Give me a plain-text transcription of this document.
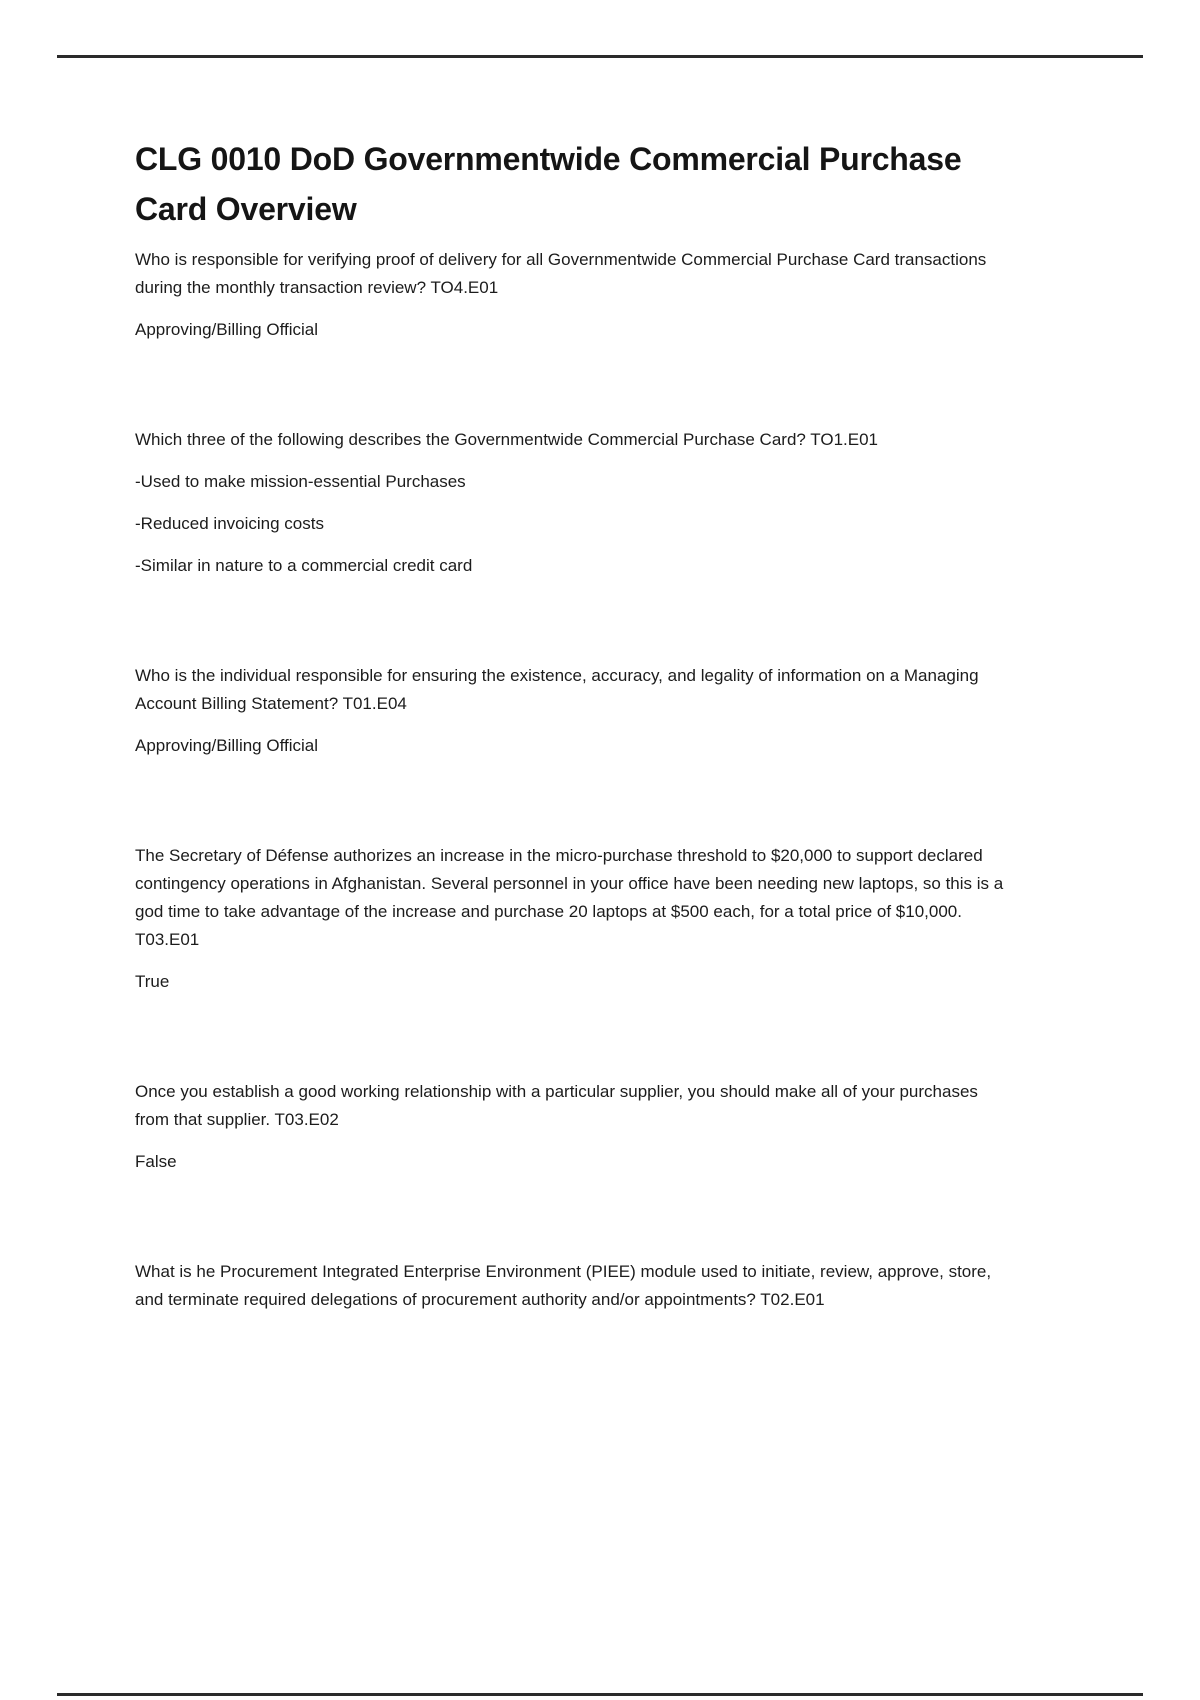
CLG 0010 DoD Governmentwide Commercial Purchase Card Overview

Who is responsible for verifying proof of delivery for all Governmentwide Commercial Purchase Card transactions during the monthly transaction review? TO4.E01

Approving/Billing Official

Which three of the following describes the Governmentwide Commercial Purchase Card? TO1.E01

-Used to make mission-essential Purchases

-Reduced invoicing costs

-Similar in nature to a commercial credit card

Who is the individual responsible for ensuring the existence, accuracy, and legality of information on a Managing Account Billing Statement? T01.E04

Approving/Billing Official

The Secretary of Défense authorizes an increase in the micro-purchase threshold to $20,000 to support declared contingency operations in Afghanistan. Several personnel in your office have been needing new laptops, so this is a god time to take advantage of the increase and purchase 20 laptops at $500 each, for a total price of $10,000. T03.E01

True

Once you establish a good working relationship with a particular supplier, you should make all of your purchases from that supplier. T03.E02

False

What is he Procurement Integrated Enterprise Environment (PIEE) module used to initiate, review, approve, store, and terminate required delegations of procurement authority and/or appointments? T02.E01
